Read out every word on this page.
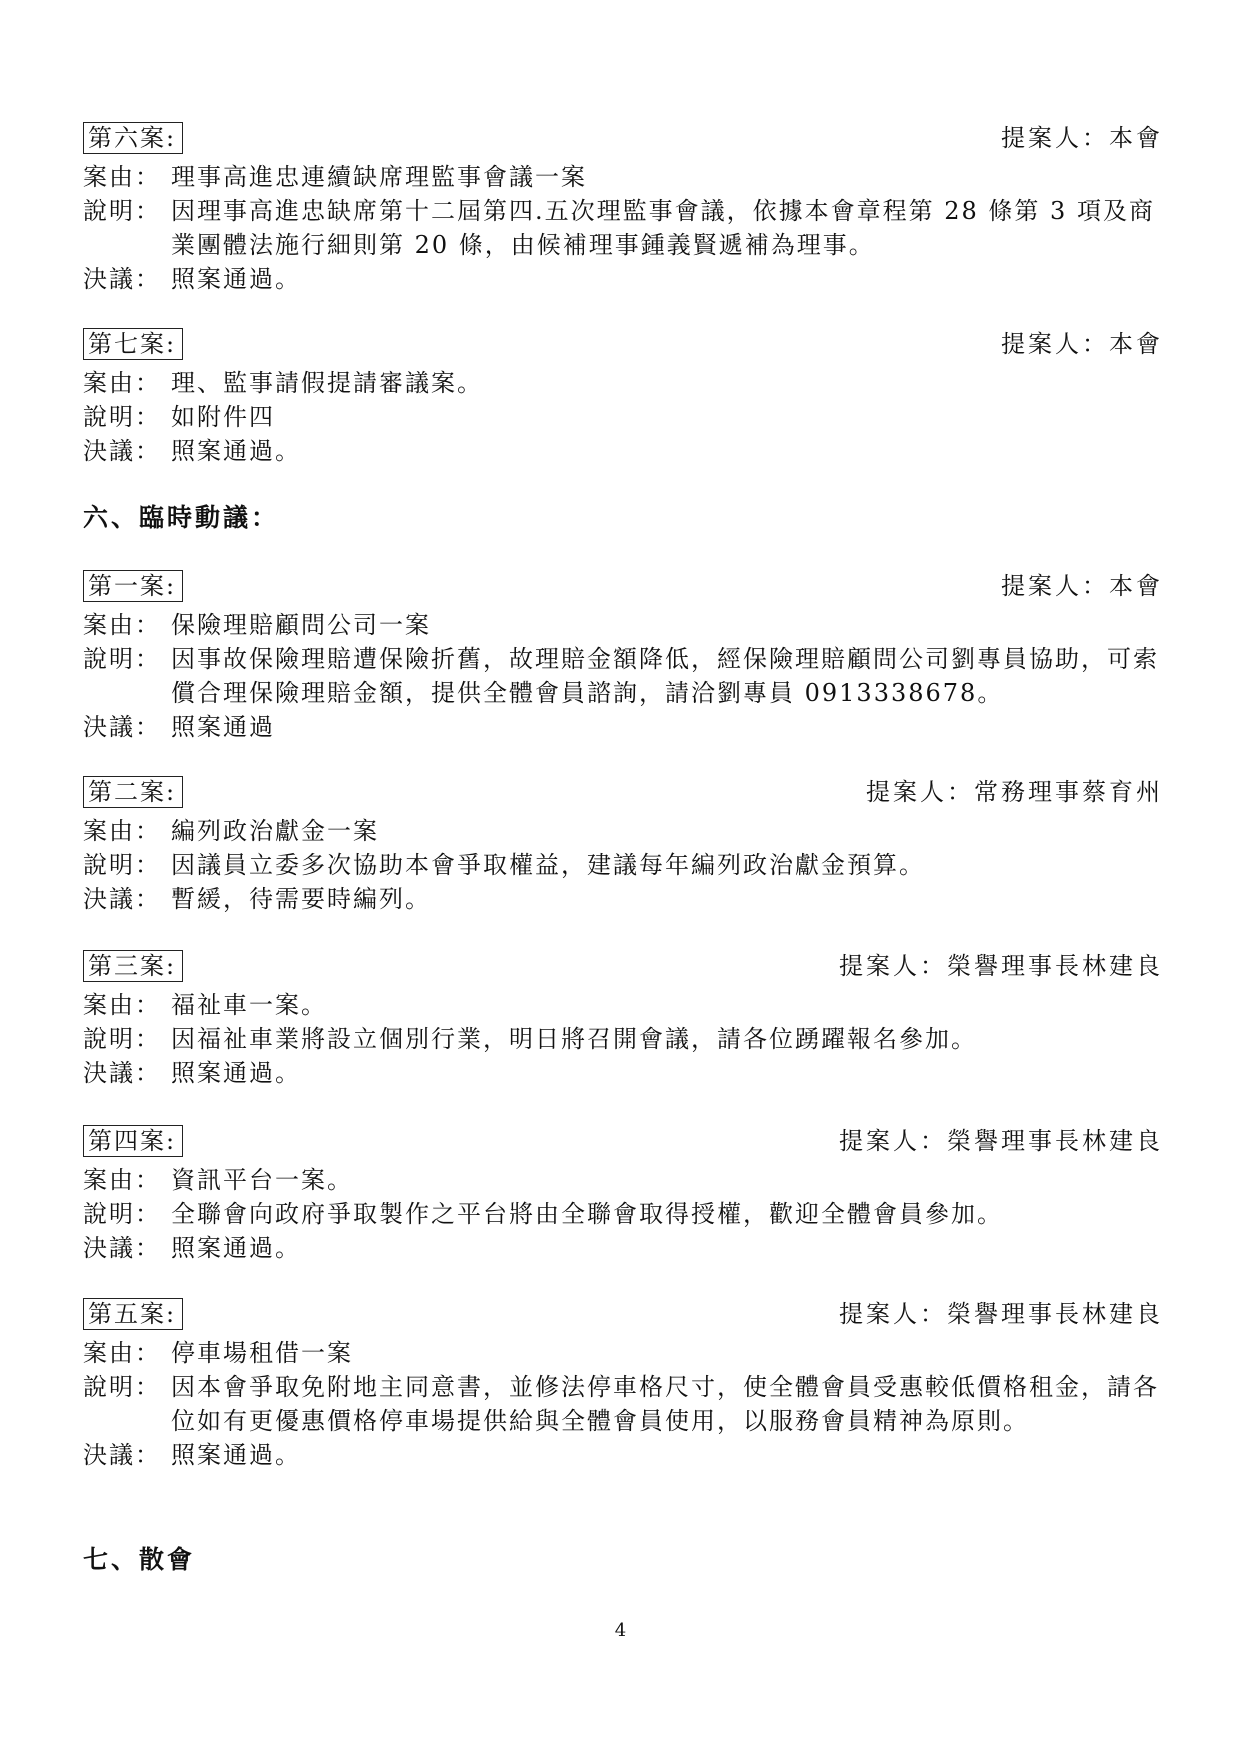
第六案:	提案人：本會
案由： 理事高進忠連續缺席理監事會議一案
說明： 因理事高進忠缺席第十二屆第四.五次理監事會議，依據本會章程第 28 條第 3 項及商業團體法施行細則第 20 條，由候補理事鍾義賢遞補為理事。
決議： 照案通過。
第七案:	提案人：本會
案由： 理、監事請假提請審議案。
說明： 如附件四
決議： 照案通過。
六、臨時動議：
第一案:	提案人：本會
案由： 保險理賠顧問公司一案
說明： 因事故保險理賠遭保險折舊，故理賠金額降低，經保險理賠顧問公司劉專員協助，可索償合理保險理賠金額，提供全體會員諮詢，請洽劉專員 0913338678。
決議： 照案通過
第二案:	提案人：常務理事蔡育州
案由： 編列政治獻金一案
說明： 因議員立委多次協助本會爭取權益，建議每年編列政治獻金預算。
決議： 暫緩，待需要時編列。
第三案:	提案人：榮譽理事長林建良
案由： 福祉車一案。
說明： 因福祉車業將設立個別行業，明日將召開會議，請各位踴躍報名參加。
決議： 照案通過。
第四案:	提案人：榮譽理事長林建良
案由： 資訊平台一案。
說明： 全聯會向政府爭取製作之平台將由全聯會取得授權，歡迎全體會員參加。
決議： 照案通過。
第五案:	提案人：榮譽理事長林建良
案由： 停車場租借一案
說明： 因本會爭取免附地主同意書，並修法停車格尺寸，使全體會員受惠較低價格租金，請各位如有更優惠價格停車場提供給與全體會員使用，以服務會員精神為原則。
決議： 照案通過。
七、散會
4
